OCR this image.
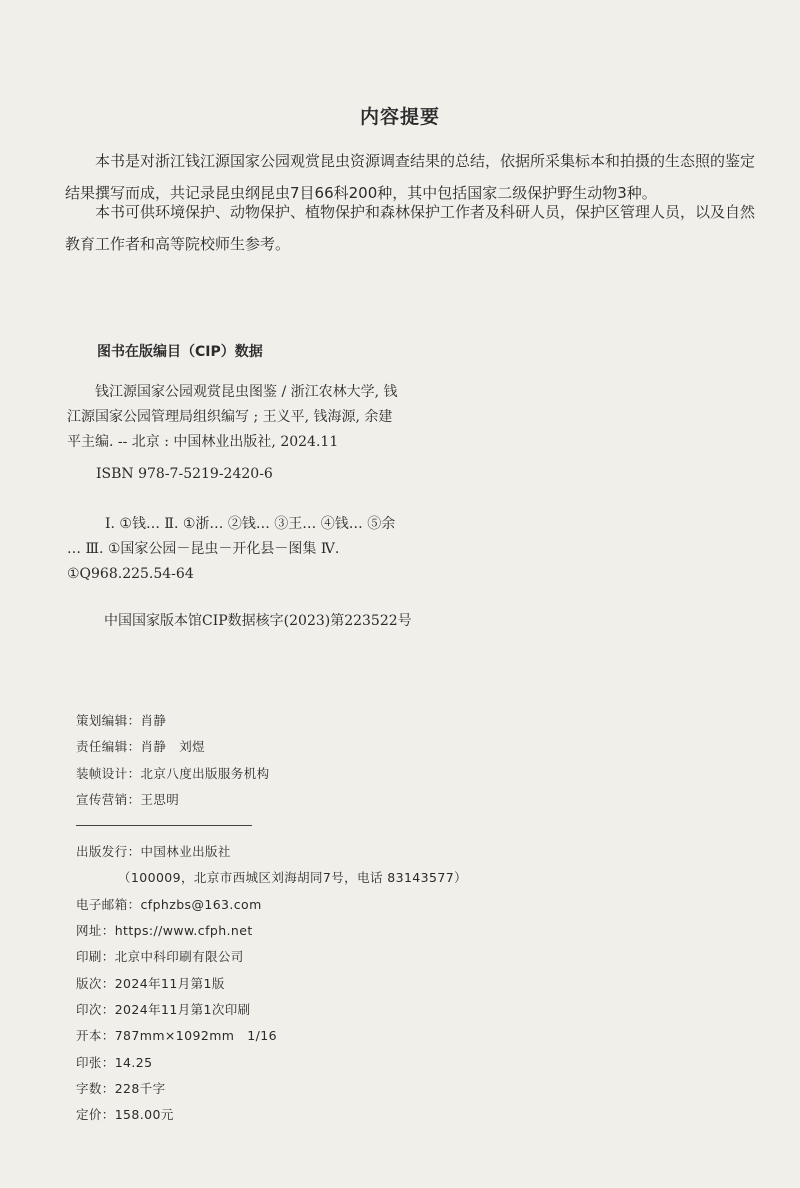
内容提要

本书是对浙江钱江源国家公园观赏昆虫资源调查结果的总结，依据所采集标本和拍摄的生态照的鉴定结果撰写而成，共记录昆虫纲昆虫7目66科200种，其中包括国家二级保护野生动物3种。

本书可供环境保护、动物保护、植物保护和森林保护工作者及科研人员，保护区管理人员，以及自然教育工作者和高等院校师生参考。

图书在版编目（CIP）数据
钱江源国家公园观赏昆虫图鉴 / 浙江农林大学, 钱
江源国家公园管理局组织编写 ; 王义平, 钱海源, 余建
平主编. -- 北京 : 中国林业出版社, 2024.11
ISBN 978-7-5219-2420-6
Ⅰ. ①钱… Ⅱ. ①浙… ②钱… ③王… ④钱… ⑤余
… Ⅲ. ①国家公园－昆虫－开化县－图集 Ⅳ.
①Q968.225.54-64
中国国家版本馆CIP数据核字(2023)第223522号
策划编辑：肖静
责任编辑：肖静　刘煜
装帧设计：北京八度出版服务机构
宣传营销：王思明
出版发行：中国林业出版社
（100009，北京市西城区刘海胡同7号，电话 83143577）
电子邮箱：cfphzbs@163.com
网址：https://www.cfph.net
印刷：北京中科印刷有限公司
版次：2024年11月第1版
印次：2024年11月第1次印刷
开本：787mm×1092mm　1/16
印张：14.25
字数：228千字
定价：158.00元
